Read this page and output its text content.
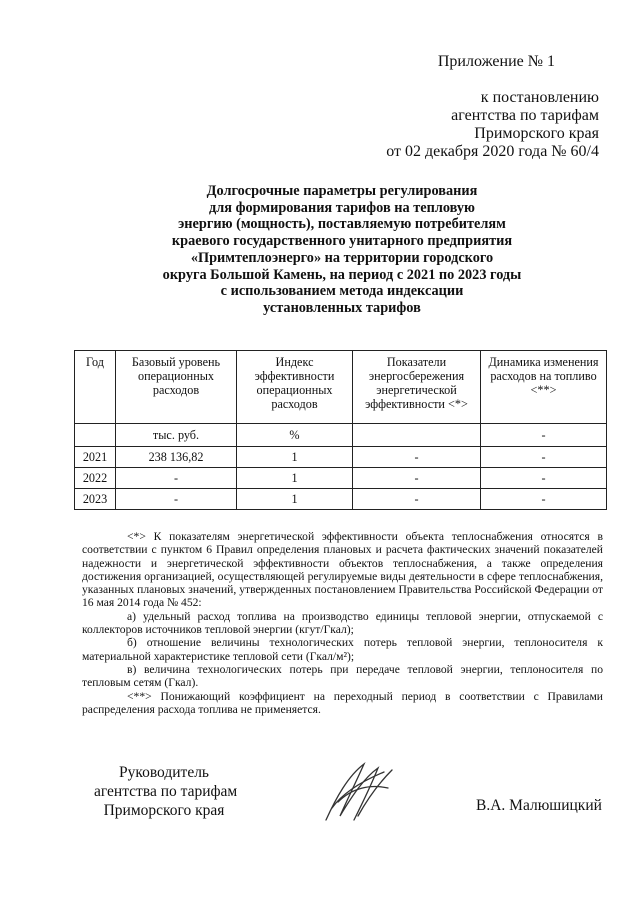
Приложение № 1
к постановлению
агентства по тарифам
Приморского края
от 02 декабря 2020 года № 60/4
Долгосрочные параметры регулирования
для формирования тарифов на тепловую
энергию (мощность), поставляемую потребителям
краевого государственного унитарного предприятия
«Примтеплоэнерго» на территории городского
округа Большой Камень, на период с 2021 по 2023 годы
с использованием метода индексации
установленных тарифов
Год	Базовый уровень операционных расходов	Индекс эффективности операционных расходов	Показатели энергосбережения энергетической эффективности <*>	Динамика изменения расходов на топливо <**>
	тыс. руб.	%		-
2021	238 136,82	1	-	-
2022	-	1	-	-
2023	-	1	-	-

<*> К показателям энергетической эффективности объекта теплоснабжения относятся в соответствии с пунктом 6 Правил определения плановых и расчета фактических значений показателей надежности и энергетической эффективности объектов теплоснабжения, а также определения достижения организацией, осуществляющей регулируемые виды деятельности в сфере теплоснабжения, указанных плановых значений, утвержденных постановлением Правительства Российской Федерации от 16 мая 2014 года № 452:

а) удельный расход топлива на производство единицы тепловой энергии, отпускаемой с коллекторов источников тепловой энергии (кгут/Гкал);

б) отношение величины технологических потерь тепловой энергии, теплоносителя к материальной характеристике тепловой сети (Гкал/м²);

в) величина технологических потерь при передаче тепловой энергии, теплоносителя по тепловым сетям (Гкал).

<**> Понижающий коэффициент на переходный период в соответствии с Правилами распределения расхода топлива не применяется.

Руководитель
агентства по тарифам
Приморского края	В.А. Малюшицкий
